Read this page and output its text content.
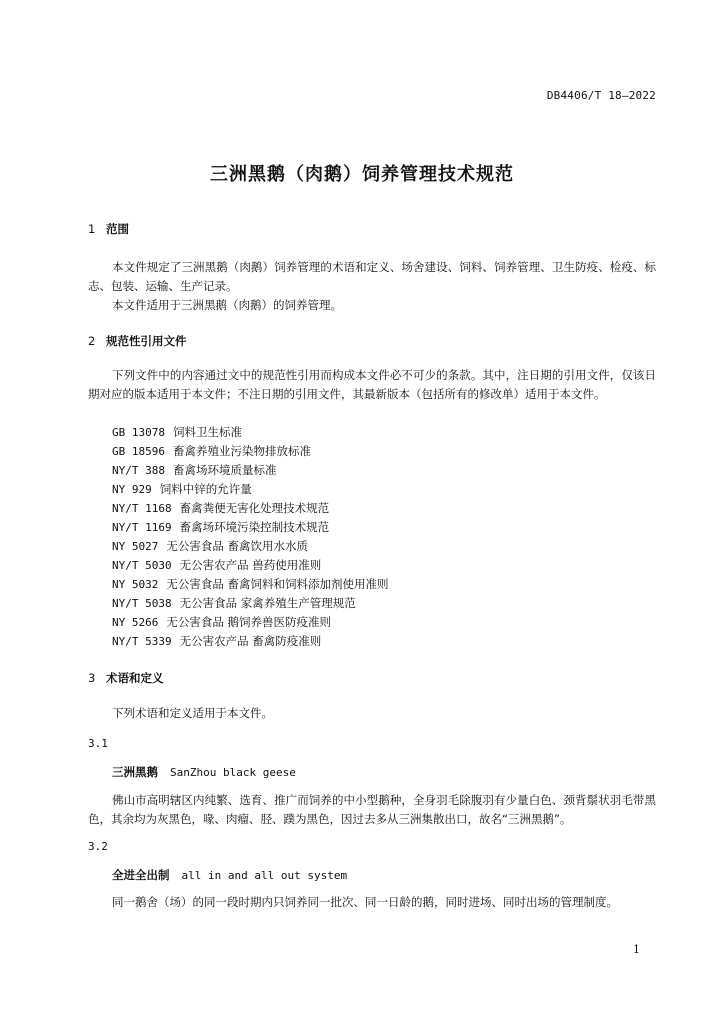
DB4406/T 18—2022
三洲黑鹅（肉鹅）饲养管理技术规范
1 范围
本文件规定了三洲黑鹅（肉鹅）饲养管理的术语和定义、场舍建设、饲料、饲养管理、卫生防疫、检疫、标志、包装、运输、生产记录。
本文件适用于三洲黑鹅（肉鹅）的饲养管理。
2 规范性引用文件
下列文件中的内容通过文中的规范性引用而构成本文件必不可少的条款。其中，注日期的引用文件，仅该日期对应的版本适用于本文件；不注日期的引用文件，其最新版本（包括所有的修改单）适用于本文件。
GB 13078 饲料卫生标准
GB 18596 畜禽养殖业污染物排放标准
NY/T 388 畜禽场环境质量标准
NY 929 饲料中锌的允许量
NY/T 1168 畜禽粪便无害化处理技术规范
NY/T 1169 畜禽场环境污染控制技术规范
NY 5027 无公害食品 畜禽饮用水水质
NY/T 5030 无公害农产品 兽药使用准则
NY 5032 无公害食品 畜禽饲料和饲料添加剂使用准则
NY/T 5038 无公害食品 家禽养殖生产管理规范
NY 5266 无公害食品 鹅饲养兽医防疫准则
NY/T 5339 无公害农产品 畜禽防疫准则
3 术语和定义
下列术语和定义适用于本文件。
3.1
三洲黑鹅 SanZhou black geese
佛山市高明辖区内纯繁、选育、推广而饲养的中小型鹅种，全身羽毛除腹羽有少量白色、颈背鬃状羽毛带黑色，其余均为灰黑色，喙、肉瘤、胫、蹼为黑色，因过去多从三洲集散出口，故名“三洲黑鹅”。
3.2
全进全出制 all in and all out system
同一鹅舍（场）的同一段时期内只饲养同一批次、同一日龄的鹅，同时进场、同时出场的管理制度。
1
